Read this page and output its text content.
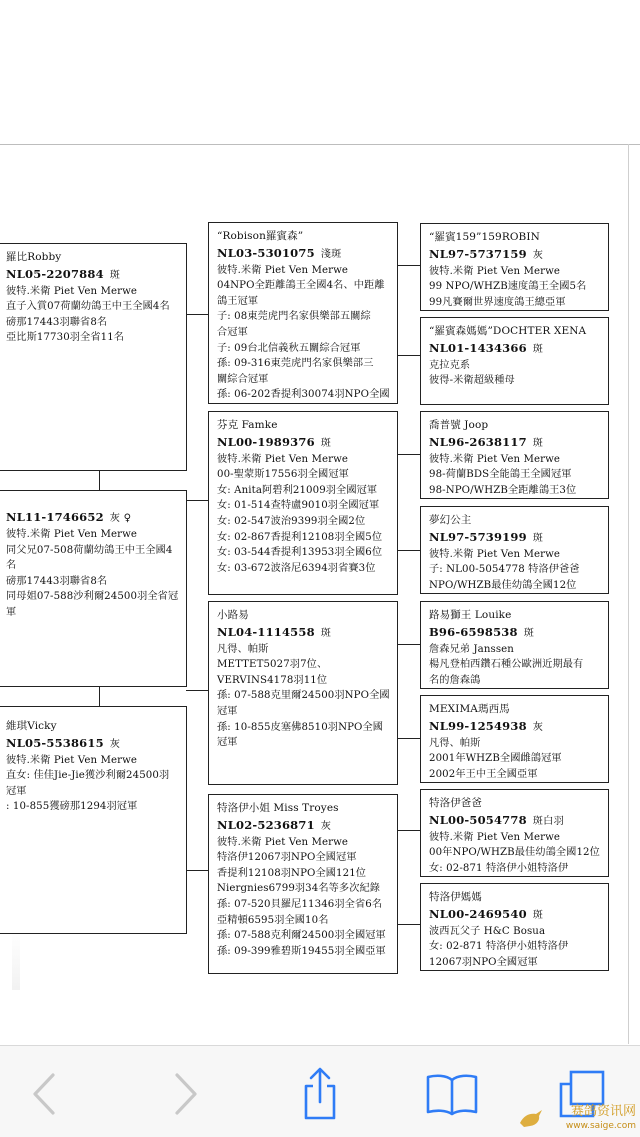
羅比Robby
NL05-2207884 斑
彼特.米衛 Piet Ven Merwe
直子入賞07荷蘭幼鴿王中王全國4名
磅那17443羽聯省8名
亞比斯17730羽全省11名
NL11-1746652 灰 ♀
彼特.米衛 Piet Ven Merwe
同父兄07-508荷蘭幼鴿王中王全國4
名
磅那17443羽聯省8名
同母姐07-588沙利爾24500羽全省冠
軍
維琪Vicky
NL05-5538615 灰
彼特.米衛 Piet Ven Merwe
直女: 佳佳Jie-Jie獲沙利爾24500羽
冠軍
: 10-855獲磅那1294羽冠軍
“Robison羅賓森”
NL03-5301075 淺斑
彼特.米衛 Piet Ven Merwe
04NPO全距離鴿王全國4名、中距離
鴿王冠軍
子: 08東莞虎門名家俱樂部五關綜
合冠軍
子: 09台北信義秋五關綜合冠軍
孫: 09-316東莞虎門名家俱樂部三
關綜合冠軍
孫: 06-202香提利30074羽NPO全國
芬克 Famke
NL00-1989376 斑
彼特.米衛 Piet Ven Merwe
00-聖蒙斯17556羽全國冠軍
女: Anita阿碧利21009羽全國冠軍
女: 01-514查特盧9010羽全國冠軍
女: 02-547波治9399羽全國2位
女: 02-867香提利12108羽全國5位
女: 03-544香提利13953羽全國6位
女: 03-672波洛尼6394羽省賽3位
小路易
NL04-1114558 斑
凡得、帕斯
METTET5027羽7位、
VERVINS4178羽11位
孫: 07-588克里爾24500羽NPO全國
冠軍
孫: 10-855皮塞佛8510羽NPO全國
冠軍
特洛伊小姐 Miss Troyes
NL02-5236871 灰
彼特.米衛 Piet Ven Merwe
特洛伊12067羽NPO全國冠軍
香提利12108羽NPO全國121位
Niergnies6799羽34名等多次紀錄
孫: 07-520貝羅尼11346羽全省6名
亞精頓6595羽全國10名
孫: 07-588克利爾24500羽全國冠軍
孫: 09-399雅碧斯19455羽全國亞軍
“羅賓159”159ROBIN
NL97-5737159 灰
彼特.米衛 Piet Ven Merwe
99 NPO/WHZB速度鴿王全國5名
99凡賽爾世界速度鴿王總亞軍
“羅賓森媽媽”DOCHTER XENA
NL01-1434366 斑
克拉克系
彼得-米衛超級種母
喬普號 Joop
NL96-2638117 斑
彼特.米衛 Piet Ven Merwe
98-荷蘭BDS全能鴿王全國冠軍
98-NPO/WHZB全距離鴿王3位
夢幻公主
NL97-5739199 斑
彼特.米衛 Piet Ven Merwe
子: NL00-5054778 特洛伊爸爸
NPO/WHZB最佳幼鴿全國12位
路易獅王 Louike
B96-6598538 斑
詹森兄弟 Janssen
楊凡登柏西鑽石種公歐洲近期最有
名的詹森鴿
MEXIMA瑪西馬
NL99-1254938 灰
凡得、帕斯
2001年WHZB全國雌鴿冠軍
2002年王中王全國亞軍
特洛伊爸爸
NL00-5054778 斑白羽
彼特.米衛 Piet Ven Merwe
00年NPO/WHZB最佳幼鴿全國12位
女: 02-871 特洛伊小姐特洛伊
特洛伊媽媽
NL00-2469540 斑
波西瓦父子 H&C Bosua
女: 02-871 特洛伊小姐特洛伊
12067羽NPO全國冠軍
赛鸽资讯网
www.saige.com
